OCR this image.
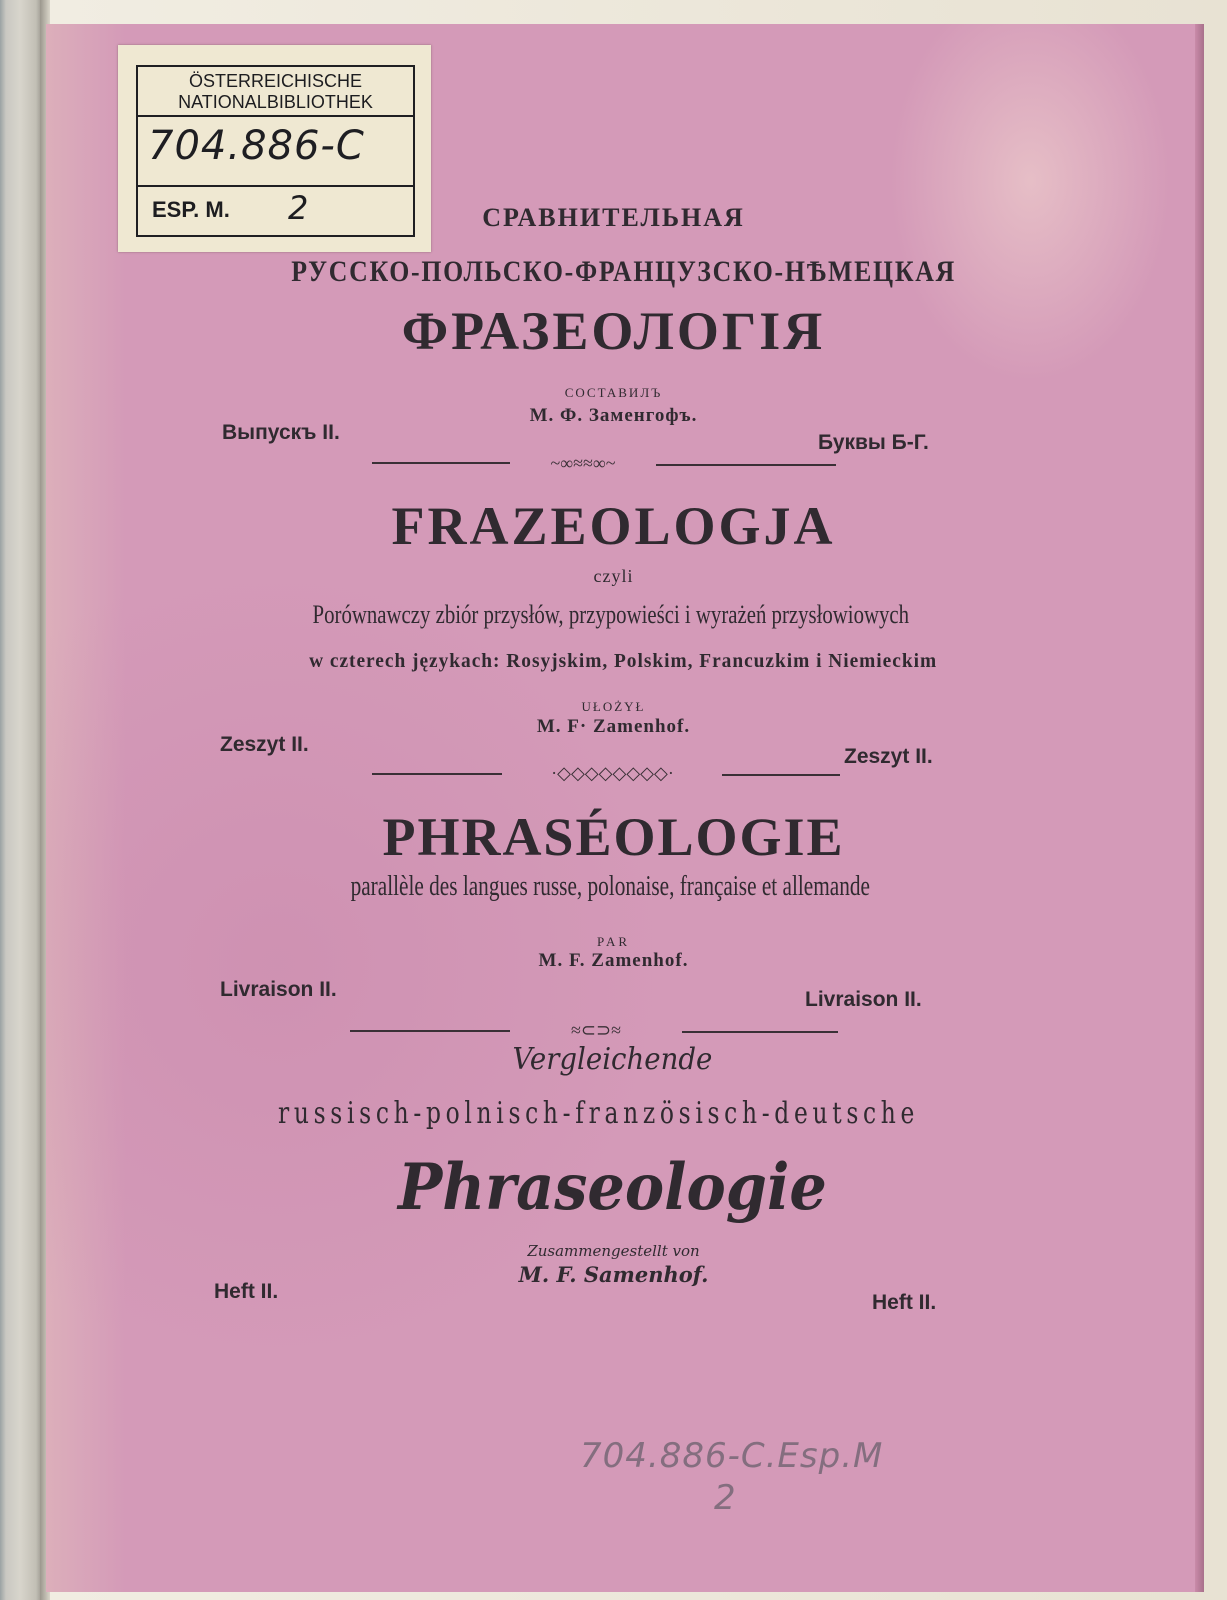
ÖSTERREICHISCHE NATIONALBIBLIOTHEK
704.886-C
ESP. M. 2	СРАВНИТЕЛЬНАЯ
РУССКО-ПОЛЬСКО-ФРАНЦУЗСКО-НѢМЕЦКАЯ
ФРАЗЕОЛОГІЯ
СОСТАВИЛЪ
М. Ф. Заменгофъ.
Выпускъ II.	Буквы Б-Г.
~∞≈≈∞~
FRAZEOLOGJA
czyli
Porównawczy zbiór przysłów, przypowieści i wyrażeń przysłowiowych
w czterech językach: Rosyjskim, Polskim, Francuzkim i Niemieckim
UŁOŻYŁ
M. F· Zamenhof.
Zeszyt II.
Zeszyt II.
·◇◇◇◇◇◇◇◇·
PHRASÉOLOGIE
parallèle des langues russe, polonaise, française et allemande
PAR
M. F. Zamenhof.
Livraison II.	Livraison II.
≈⊂⊃≈
Vergleichende
russisch-polnisch-französisch-deutsche
Phraseologie
Zusammengestellt von
M. F. Samenhof.
Heft II.	Heft II.
704.886-C.Esp.M
2
